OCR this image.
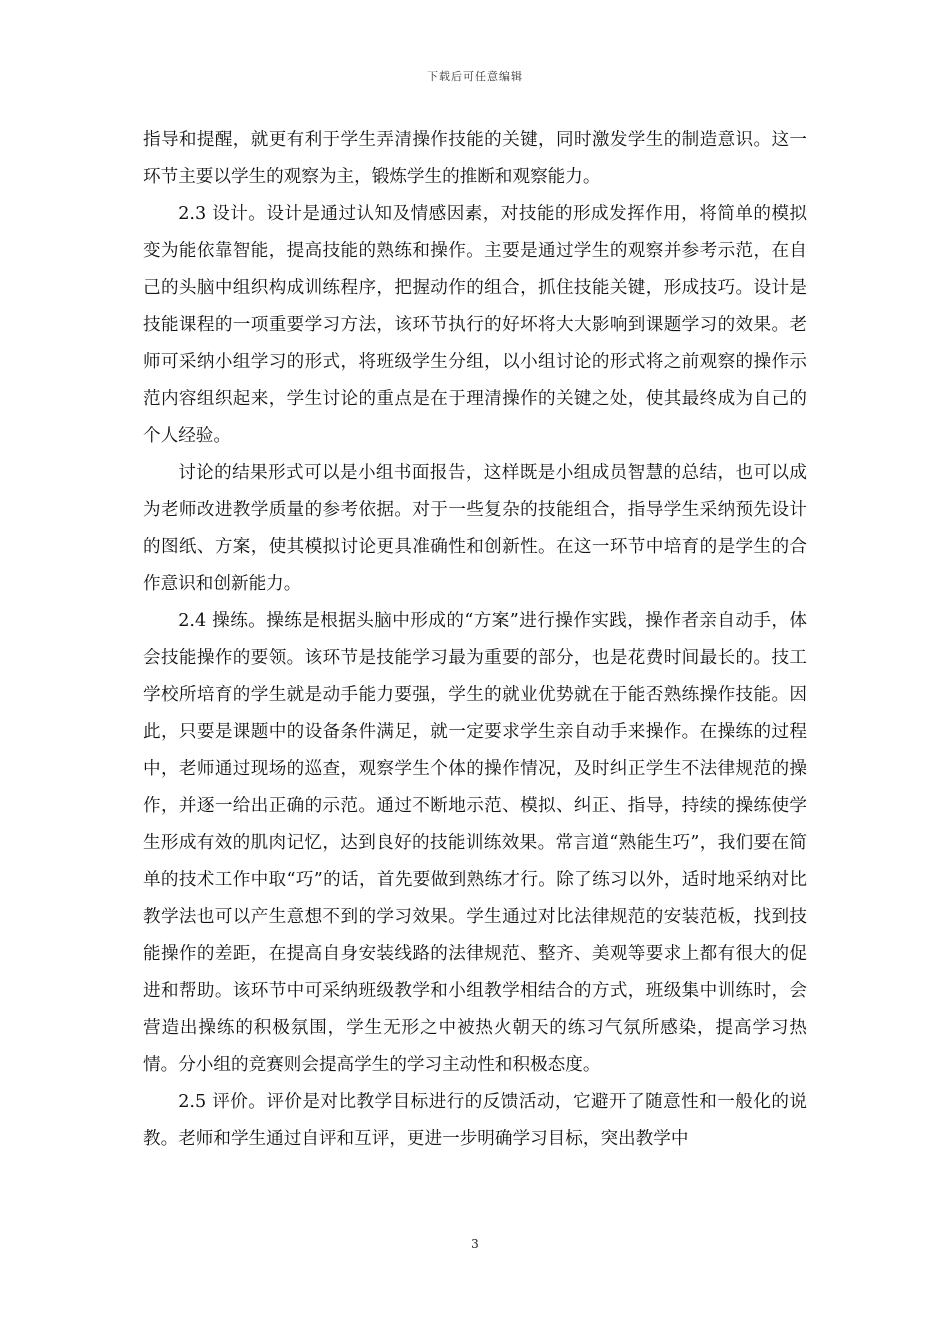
下载后可任意编辑

指导和提醒，就更有利于学生弄清操作技能的关键，同时激发学生的制造意识。这一环节主要以学生的观察为主，锻炼学生的推断和观察能力。

2.3 设计。设计是通过认知及情感因素，对技能的形成发挥作用，将简单的模拟变为能依靠智能，提高技能的熟练和操作。主要是通过学生的观察并参考示范，在自己的头脑中组织构成训练程序，把握动作的组合，抓住技能关键，形成技巧。设计是技能课程的一项重要学习方法，该环节执行的好坏将大大影响到课题学习的效果。老师可采纳小组学习的形式，将班级学生分组，以小组讨论的形式将之前观察的操作示范内容组织起来，学生讨论的重点是在于理清操作的关键之处，使其最终成为自己的个人经验。

讨论的结果形式可以是小组书面报告，这样既是小组成员智慧的总结，也可以成为老师改进教学质量的参考依据。对于一些复杂的技能组合，指导学生采纳预先设计的图纸、方案，使其模拟讨论更具准确性和创新性。在这一环节中培育的是学生的合作意识和创新能力。

2.4 操练。操练是根据头脑中形成的“方案”进行操作实践，操作者亲自动手，体会技能操作的要领。该环节是技能学习最为重要的部分，也是花费时间最长的。技工学校所培育的学生就是动手能力要强，学生的就业优势就在于能否熟练操作技能。因此，只要是课题中的设备条件满足，就一定要求学生亲自动手来操作。在操练的过程中，老师通过现场的巡查，观察学生个体的操作情况，及时纠正学生不法律规范的操作，并逐一给出正确的示范。通过不断地示范、模拟、纠正、指导，持续的操练使学生形成有效的肌肉记忆，达到良好的技能训练效果。常言道“熟能生巧”，我们要在简单的技术工作中取“巧”的话，首先要做到熟练才行。除了练习以外，适时地采纳对比教学法也可以产生意想不到的学习效果。学生通过对比法律规范的安装范板，找到技能操作的差距，在提高自身安装线路的法律规范、整齐、美观等要求上都有很大的促进和帮助。该环节中可采纳班级教学和小组教学相结合的方式，班级集中训练时，会营造出操练的积极氛围，学生无形之中被热火朝天的练习气氛所感染，提高学习热情。分小组的竞赛则会提高学生的学习主动性和积极态度。

2.5 评价。评价是对比教学目标进行的反馈活动，它避开了随意性和一般化的说教。老师和学生通过自评和互评，更进一步明确学习目标，突出教学中

3
